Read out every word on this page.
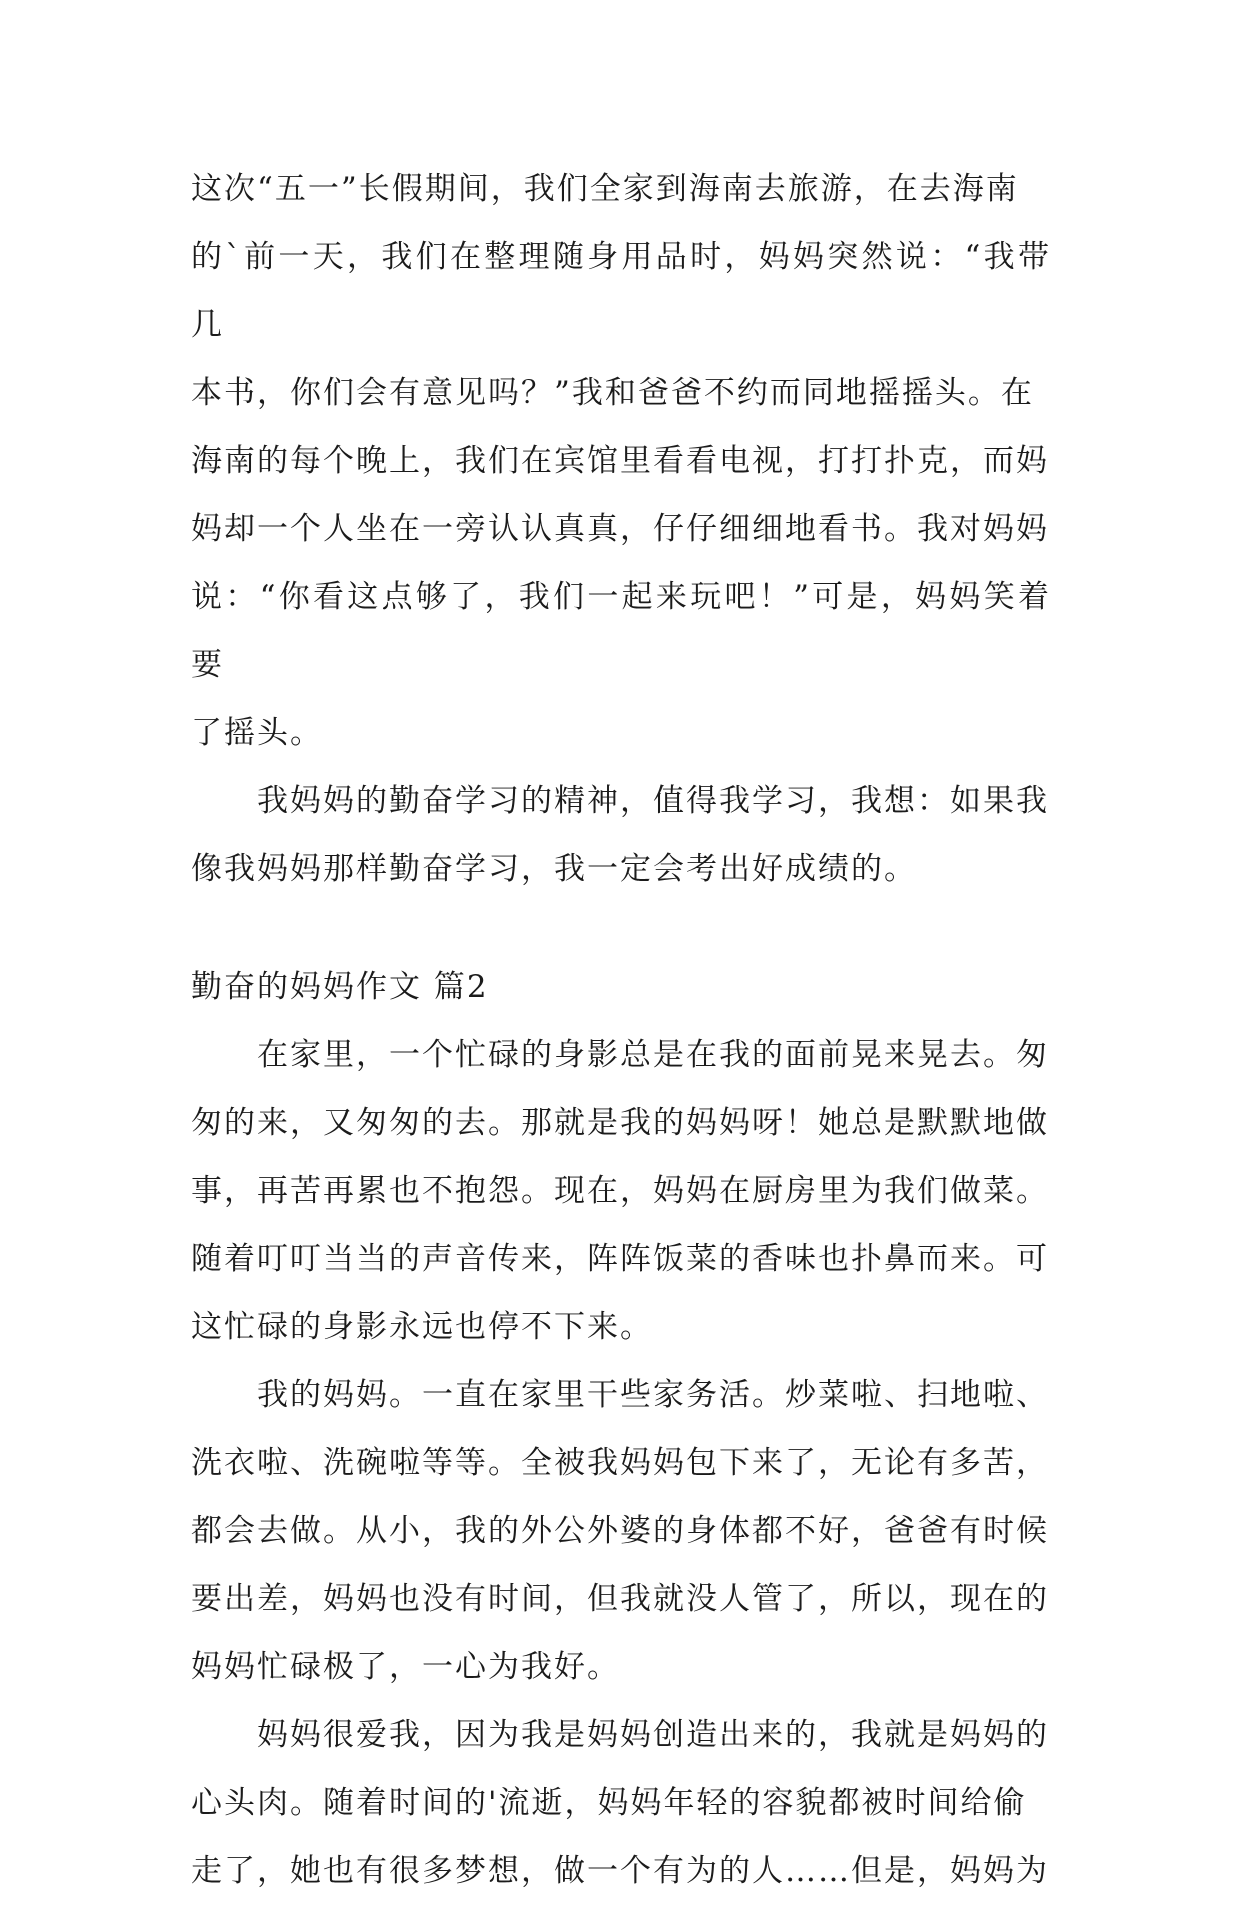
这次“五一”长假期间，我们全家到海南去旅游，在去海南
的`前一天，我们在整理随身用品时，妈妈突然说：“我带几
本书，你们会有意见吗？”我和爸爸不约而同地摇摇头。在
海南的每个晚上，我们在宾馆里看看电视，打打扑克，而妈
妈却一个人坐在一旁认认真真，仔仔细细地看书。我对妈妈
说：“你看这点够了，我们一起来玩吧！”可是，妈妈笑着要
了摇头。

我妈妈的勤奋学习的精神，值得我学习，我想：如果我
像我妈妈那样勤奋学习，我一定会考出好成绩的。

勤奋的妈妈作文 篇2

在家里，一个忙碌的身影总是在我的面前晃来晃去。匆
匆的来，又匆匆的去。那就是我的妈妈呀！她总是默默地做
事，再苦再累也不抱怨。现在，妈妈在厨房里为我们做菜。
随着叮叮当当的声音传来，阵阵饭菜的香味也扑鼻而来。可
这忙碌的身影永远也停不下来。

我的妈妈。一直在家里干些家务活。炒菜啦、扫地啦、
洗衣啦、洗碗啦等等。全被我妈妈包下来了，无论有多苦，
都会去做。从小，我的外公外婆的身体都不好，爸爸有时候
要出差，妈妈也没有时间，但我就没人管了，所以，现在的
妈妈忙碌极了，一心为我好。

妈妈很爱我，因为我是妈妈创造出来的，我就是妈妈的
心头肉。随着时间的'流逝，妈妈年轻的容貌都被时间给偷
走了，她也有很多梦想，做一个有为的人……但是，妈妈为
